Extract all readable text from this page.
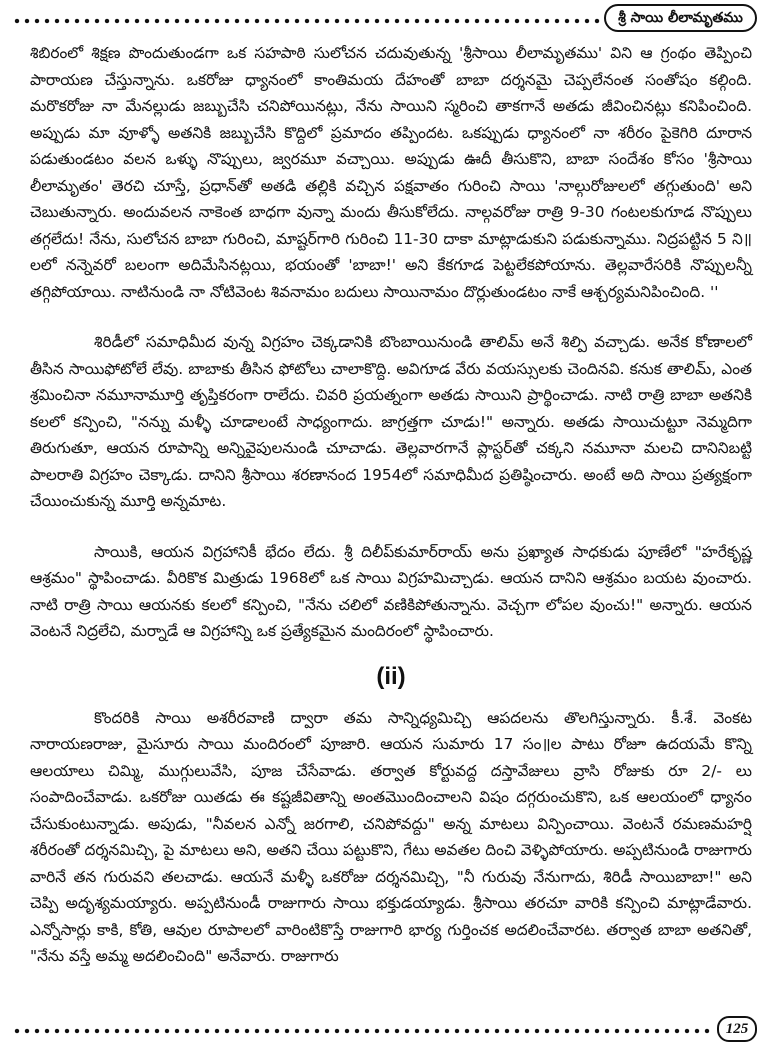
శ్రీ సాయి లీలామృతము

శిబిరంలో శిక్షణ పొందుతుండగా ఒక సహపాఠి సులోచన చదువుతున్న 'శ్రీసాయి లీలామృతము' విని ఆ గ్రంథం తెప్పించి పారాయణ చేస్తున్నాను. ఒకరోజు ధ్యానంలో కాంతిమయ దేహంతో బాబా దర్శనమై చెప్పలేనంత సంతోషం కల్గింది. మరొకరోజు నా మేనల్లుడు జబ్బుచేసి చనిపోయినట్లు, నేను సాయిని స్మరించి తాకగానే అతడు జీవించినట్లు కనిపించింది. అప్పుడు మా వూళ్ళో అతనికి జబ్బుచేసి కొద్దిలో ప్రమాదం తప్పిందట. ఒకప్పుడు ధ్యానంలో నా శరీరం పైకెగిరి దూరాన పడుతుండటం వలన ఒళ్ళు నొప్పులు, జ్వరమూ వచ్చాయి. అప్పుడు ఊదీ తీసుకొని, బాబా సందేశం కోసం 'శ్రీసాయి లీలామృతం' తెరచి చూస్తే, ప్రధాన్‌తో అతడి తల్లికి వచ్చిన పక్షవాతం గురించి సాయి 'నాల్గురోజులలో తగ్గుతుంది' అని చెబుతున్నారు. అందువలన నాకెంత బాధగా వున్నా మందు తీసుకోలేదు. నాల్గవరోజు రాత్రి 9-30 గంటలకుగూడ నొప్పులు తగ్గలేదు! నేను, సులోచన బాబా గురించి, మాష్టర్‌గారి గురించి 11-30 దాకా మాట్లాడుకుని పడుకున్నాము. నిద్రపట్టిన 5 ని॥లలో నన్నెవరో బలంగా అదిమేసినట్లయి, భయంతో 'బాబా!' అని కేకగూడ పెట్టలేకపోయాను. తెల్లవారేసరికి నొప్పులన్నీ తగ్గిపోయాయి. నాటినుండి నా నోటివెంట శివనామం బదులు సాయినామం దొర్లుతుండటం నాకే ఆశ్చర్యమనిపించింది. ''

శిరిడీలో సమాధిమీద వున్న విగ్రహం చెక్కడానికి బొంబాయినుండి తాలిమ్ అనే శిల్పి వచ్చాడు. అనేక కోణాలలో తీసిన సాయిఫోటోలే లేవు. బాబాకు తీసిన ఫోటోలు చాలాకొద్ది. అవిగూడ వేరు వయస్సులకు చెందినవి. కనుక తాలిమ్, ఎంత శ్రమించినా నమూనామూర్తి తృప్తికరంగా రాలేదు. చివరి ప్రయత్నంగా అతడు సాయిని ప్రార్థించాడు. నాటి రాత్రి బాబా అతనికి కలలో కన్పించి, "నన్ను మళ్ళీ చూడాలంటే సాధ్యంగాదు. జాగ్రత్తగా చూడు!" అన్నారు. అతడు సాయిచుట్టూ నెమ్మదిగా తిరుగుతూ, ఆయన రూపాన్ని అన్నివైపులనుండి చూచాడు. తెల్లవారగానే ప్లాస్టర్‌తో చక్కని నమూనా మలచి దానినిబట్టి పాలరాతి విగ్రహం చెక్కాడు. దానిని శ్రీసాయి శరణానంద 1954లో సమాధిమీద ప్రతిష్ఠించారు. అంటే అది సాయి ప్రత్యక్షంగా చేయించుకున్న మూర్తి అన్నమాట.

సాయికి, ఆయన విగ్రహానికీ భేదం లేదు. శ్రీ దిలీప్‌కుమార్‌రాయ్ అను ప్రఖ్యాత సాధకుడు పూణేలో "హరేకృష్ణ ఆశ్రమం" స్థాపించాడు. వీరికొక మిత్రుడు 1968లో ఒక సాయి విగ్రహమిచ్చాడు. ఆయన దానిని ఆశ్రమం బయట వుంచారు. నాటి రాత్రి సాయి ఆయనకు కలలో కన్పించి, "నేను చలిలో వణికిపోతున్నాను. వెచ్చగా లోపల వుంచు!" అన్నారు. ఆయన వెంటనే నిద్రలేచి, మర్నాడే ఆ విగ్రహాన్ని ఒక ప్రత్యేకమైన మందిరంలో స్థాపించారు.

(ii)

కొందరికి సాయి అశరీరవాణి ద్వారా తమ సాన్నిధ్యమిచ్చి ఆపదలను తొలగిస్తున్నారు. కీ.శే. వెంకట నారాయణరాజు, మైసూరు సాయి మందిరంలో పూజారి. ఆయన సుమారు 17 సం॥ల పాటు రోజూ ఉదయమే కొన్ని ఆలయాలు చిమ్మి, ముగ్గులువేసి, పూజ చేసేవాడు. తర్వాత కోర్టువద్ద దస్తావేజులు వ్రాసి రోజుకు రూ 2/- లు సంపాదించేవాడు. ఒకరోజు యితడు ఈ కష్టజీవితాన్ని అంతమొందించాలని విషం దగ్గరుంచుకొని, ఒక ఆలయంలో ధ్యానం చేసుకుంటున్నాడు. అపుడు, "నీవలన ఎన్నో జరగాలి, చనిపోవద్దు" అన్న మాటలు విన్పించాయి. వెంటనే రమణమహర్షి శరీరంతో దర్శనమిచ్చి, పై మాటలు అని, అతని చేయి పట్టుకొని, గేటు అవతల దించి వెళ్ళిపోయారు. అప్పటినుండి రాజుగారు వారినే తన గురువని తలచాడు. ఆయనే మళ్ళీ ఒకరోజు దర్శనమిచ్చి, "నీ గురువు నేనుగాదు, శిరిడీ సాయిబాబా!" అని చెప్పి అదృశ్యమయ్యారు. అప్పటినుండీ రాజుగారు సాయి భక్తుడయ్యాడు. శ్రీసాయి తరచూ వారికి కన్పించి మాట్లాడేవారు. ఎన్నోసార్లు కాకి, కోతి, ఆవుల రూపాలలో వారింటికొస్తే రాజుగారి భార్య గుర్తించక అదలించేవారట. తర్వాత బాబా అతనితో, "నేను వస్తే అమ్మ అదలించింది" అనేవారు. రాజుగారు

125
